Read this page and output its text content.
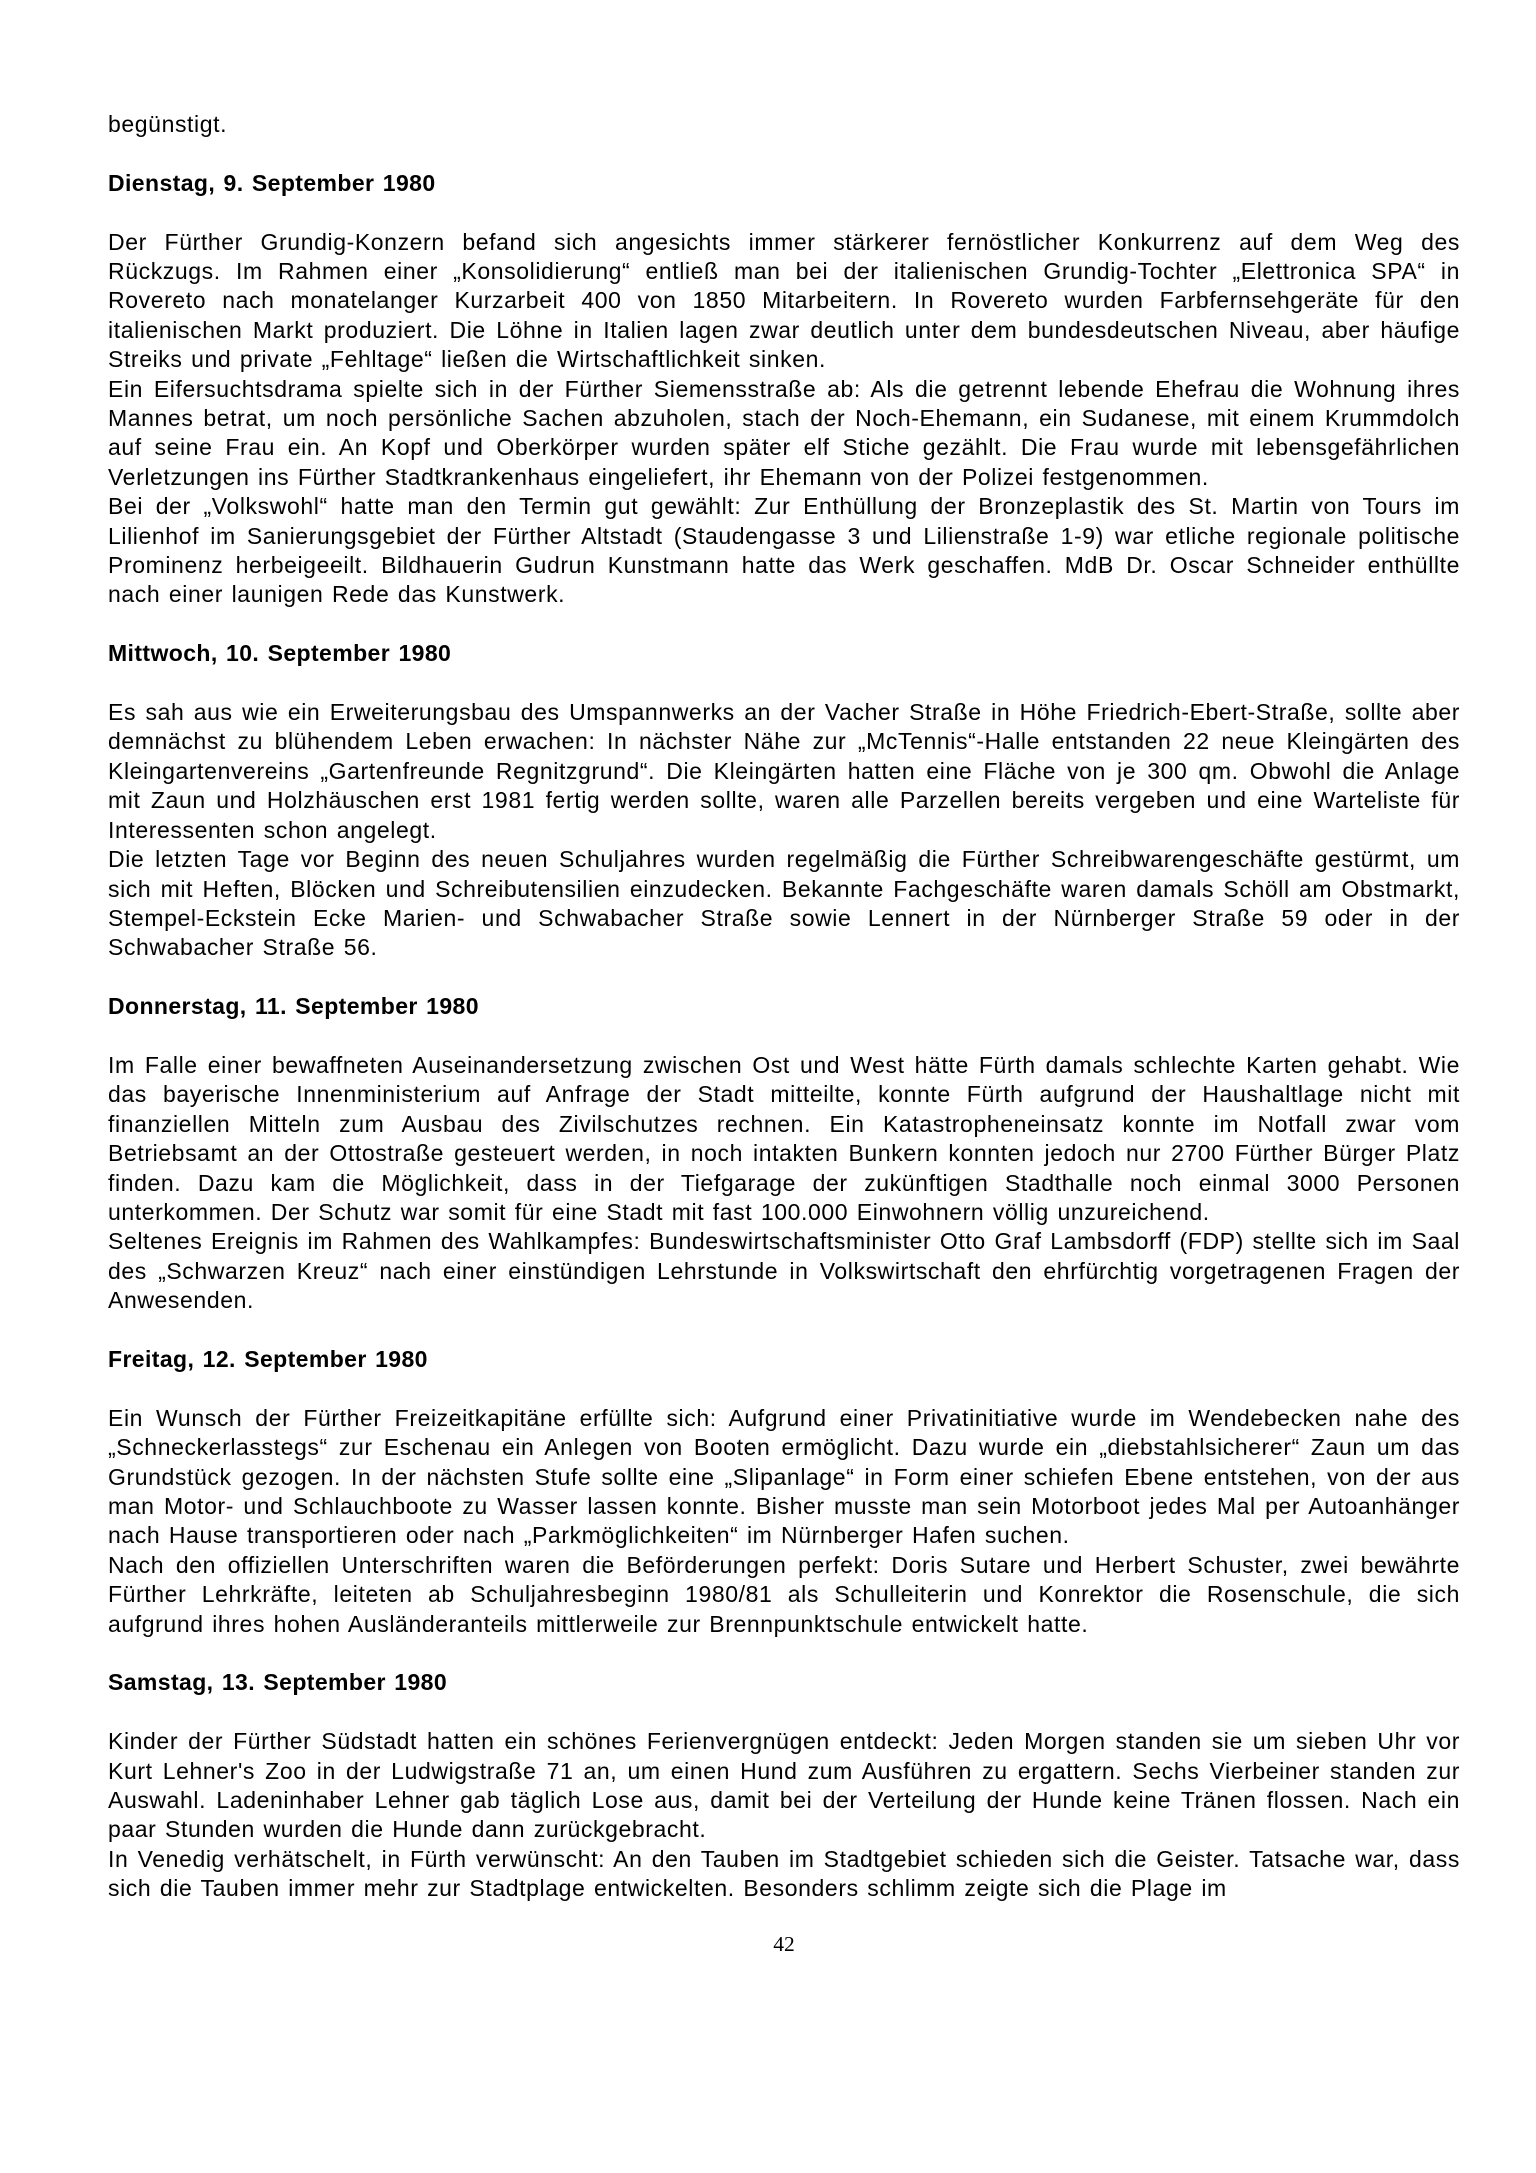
begünstigt.

Dienstag, 9. September 1980

Der Fürther Grundig-Konzern befand sich angesichts immer stärkerer fernöstlicher Konkurrenz auf dem Weg des Rückzugs. Im Rahmen einer „Konsolidierung“ entließ man bei der italienischen Grundig-Tochter „Elettronica SPA“ in Rovereto nach monatelanger Kurzarbeit 400 von 1850 Mitarbeitern. In Rovereto wurden Farbfernsehgeräte für den italienischen Markt produziert. Die Löhne in Italien lagen zwar deutlich unter dem bundesdeutschen Niveau, aber häufige Streiks und private „Fehltage“ ließen die Wirtschaftlichkeit sinken.

Ein Eifersuchtsdrama spielte sich in der Fürther Siemensstraße ab: Als die getrennt lebende Ehefrau die Wohnung ihres Mannes betrat, um noch persönliche Sachen abzuholen, stach der Noch-Ehemann, ein Sudanese, mit einem Krummdolch auf seine Frau ein. An Kopf und Oberkörper wurden später elf Stiche gezählt. Die Frau wurde mit lebensgefährlichen Verletzungen ins Fürther Stadtkrankenhaus eingeliefert, ihr Ehemann von der Polizei festgenommen.

Bei der „Volkswohl“ hatte man den Termin gut gewählt: Zur Enthüllung der Bronzeplastik des St. Martin von Tours im Lilienhof im Sanierungsgebiet der Fürther Altstadt (Staudengasse 3 und Lilienstraße 1-9) war etliche regionale politische Prominenz herbeigeeilt. Bildhauerin Gudrun Kunstmann hatte das Werk geschaffen. MdB Dr. Oscar Schneider enthüllte nach einer launigen Rede das Kunstwerk.

Mittwoch, 10. September 1980

Es sah aus wie ein Erweiterungsbau des Umspannwerks an der Vacher Straße in Höhe Friedrich-Ebert-Straße, sollte aber demnächst zu blühendem Leben erwachen: In nächster Nähe zur „McTennis“-Halle entstanden 22 neue Kleingärten des Kleingartenvereins „Gartenfreunde Regnitzgrund“. Die Kleingärten hatten eine Fläche von je 300 qm. Obwohl die Anlage mit Zaun und Holzhäuschen erst 1981 fertig werden sollte, waren alle Parzellen bereits vergeben und eine Warteliste für Interessenten schon angelegt.

Die letzten Tage vor Beginn des neuen Schuljahres wurden regelmäßig die Fürther Schreibwarengeschäfte gestürmt, um sich mit Heften, Blöcken und Schreibutensilien einzudecken. Bekannte Fachgeschäfte waren damals Schöll am Obstmarkt, Stempel-Eckstein Ecke Marien- und Schwabacher Straße sowie Lennert in der Nürnberger Straße 59 oder in der Schwabacher Straße 56.

Donnerstag, 11. September 1980

Im Falle einer bewaffneten Auseinandersetzung zwischen Ost und West hätte Fürth damals schlechte Karten gehabt. Wie das bayerische Innenministerium auf Anfrage der Stadt mitteilte, konnte Fürth aufgrund der Haushaltlage nicht mit finanziellen Mitteln zum Ausbau des Zivilschutzes rechnen. Ein Katastropheneinsatz konnte im Notfall zwar vom Betriebsamt an der Ottostraße gesteuert werden, in noch intakten Bunkern konnten jedoch nur 2700 Fürther Bürger Platz finden. Dazu kam die Möglichkeit, dass in der Tiefgarage der zukünftigen Stadthalle noch einmal 3000 Personen unterkommen. Der Schutz war somit für eine Stadt mit fast 100.000 Einwohnern völlig unzureichend.

Seltenes Ereignis im Rahmen des Wahlkampfes: Bundeswirtschaftsminister Otto Graf Lambsdorff (FDP) stellte sich im Saal des „Schwarzen Kreuz“ nach einer einstündigen Lehrstunde in Volkswirtschaft den ehrfürchtig vorgetragenen Fragen der Anwesenden.

Freitag, 12. September 1980

Ein Wunsch der Fürther Freizeitkapitäne erfüllte sich: Aufgrund einer Privatinitiative wurde im Wendebecken nahe des „Schneckerlasstegs“ zur Eschenau ein Anlegen von Booten ermöglicht. Dazu wurde ein „diebstahlsicherer“ Zaun um das Grundstück gezogen. In der nächsten Stufe sollte eine „Slipanlage“ in Form einer schiefen Ebene entstehen, von der aus man Motor- und Schlauchboote zu Wasser lassen konnte. Bisher musste man sein Motorboot jedes Mal per Autoanhänger nach Hause transportieren oder nach „Parkmöglichkeiten“ im Nürnberger Hafen suchen.

Nach den offiziellen Unterschriften waren die Beförderungen perfekt: Doris Sutare und Herbert Schuster, zwei bewährte Fürther Lehrkräfte, leiteten ab Schuljahresbeginn 1980/81 als Schulleiterin und Konrektor die Rosenschule, die sich aufgrund ihres hohen Ausländeranteils mittlerweile zur Brennpunktschule entwickelt hatte.

Samstag, 13. September 1980

Kinder der Fürther Südstadt hatten ein schönes Ferienvergnügen entdeckt: Jeden Morgen standen sie um sieben Uhr vor Kurt Lehner's Zoo in der Ludwigstraße 71 an, um einen Hund zum Ausführen zu ergattern. Sechs Vierbeiner standen zur Auswahl. Ladeninhaber Lehner gab täglich Lose aus, damit bei der Verteilung der Hunde keine Tränen flossen. Nach ein paar Stunden wurden die Hunde dann zurückgebracht.

In Venedig verhätschelt, in Fürth verwünscht: An den Tauben im Stadtgebiet schieden sich die Geister. Tatsache war, dass sich die Tauben immer mehr zur Stadtplage entwickelten. Besonders schlimm zeigte sich die Plage im

42
